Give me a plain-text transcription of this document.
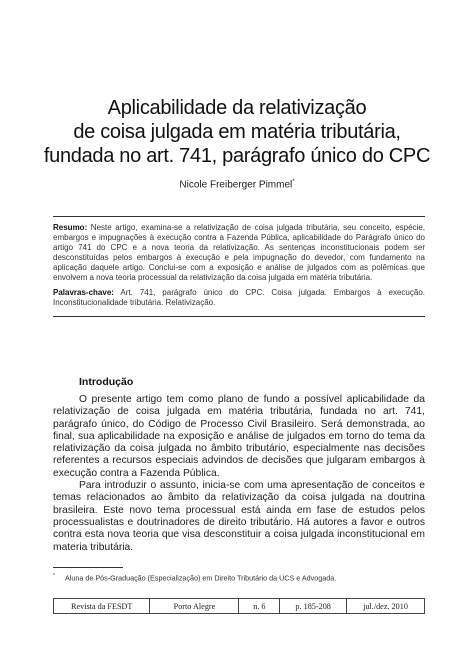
Aplicabilidade da relativização
de coisa julgada em matéria tributária,
fundada no art. 741, parágrafo único do CPC
Nicole Freiberger Pimmel*

Resumo: Neste artigo, examina-se a relativização de coisa julgada tributária, seu conceito, espécie, embargos e impugnações à execução contra a Fazenda Pública, aplicabilidade do Parágrafo único do artigo 741 do CPC e a nova teoria da relativização. As sentenças inconstitucionais podem ser desconstituídas pelos embargos à execução e pela impugnação do devedor, com fundamento na aplicação daquele artigo. Conclui-se com a exposição e análise de julgados com as polêmicas que envolvem a nova teoria processual da relativização da coisa julgada em matéria tributária.

Palavras-chave: Art. 741, parágrafo único do CPC. Coisa julgada. Embargos à execução. Inconstitucionalidade tributária. Relativização.

Introdução

O presente artigo tem como plano de fundo a possível aplicabilidade da relativização de coisa julgada em matéria tributária, fundada no art. 741, parágrafo único, do Código de Processo Civil Brasileiro. Será demonstrada, ao final, sua aplicabilidade na exposição e análise de julgados em torno do tema da relativização da coisa julgada no âmbito tributário, especialmente nas decisões referentes a recursos especiais advindos de decisões que julgaram embargos à execução contra a Fazenda Pública.

Para introduzir o assunto, inicia-se com uma apresentação de conceitos e temas relacionados ao âmbito da relativização da coisa julgada na doutrina brasileira. Este novo tema processual está ainda em fase de estudos pelos processualistas e doutrinadores de direito tributário. Há autores a favor e outros contra esta nova teoria que visa desconstituir a coisa julgada inconstitucional em materia tributária.

* Aluna de Pós-Graduação (Especialização) em Direito Tributário da UCS e Advogada.
Revista da FESDT	Porto Alegre	n. 6	p. 185-208	jul./dez. 2010
